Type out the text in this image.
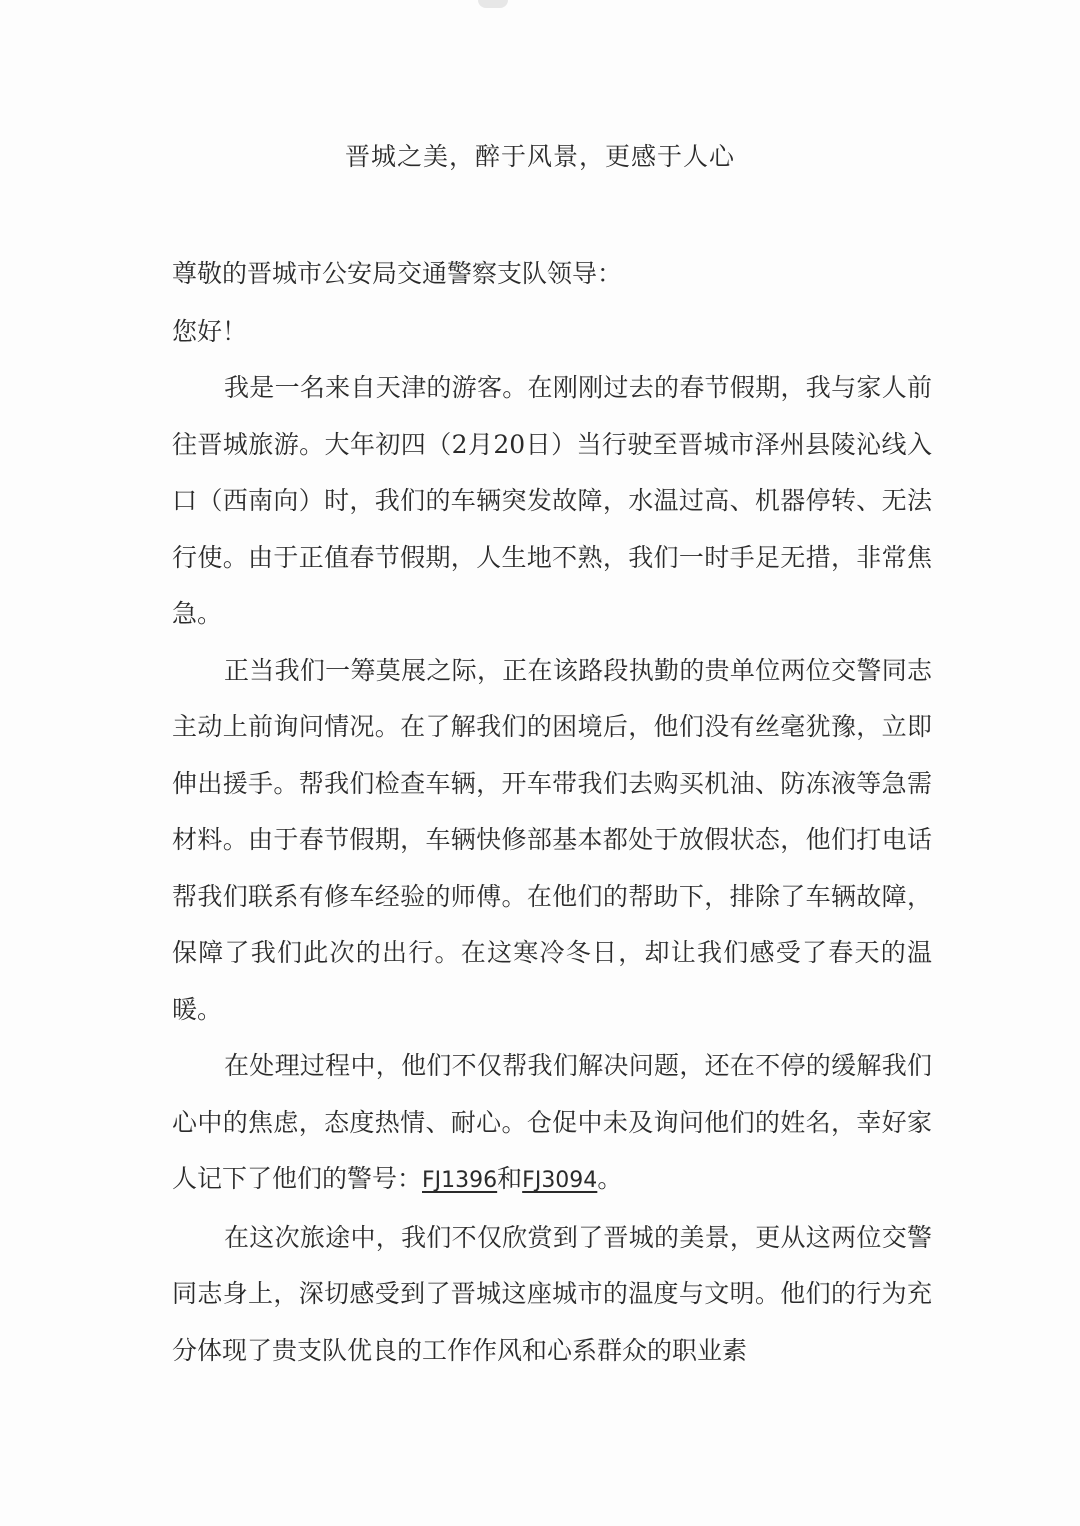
晋城之美，醉于风景，更感于人心

尊敬的晋城市公安局交通警察支队领导：

您好！

我是一名来自天津的游客。在刚刚过去的春节假期，我与家人前往晋城旅游。大年初四（2月20日）当行驶至晋城市泽州县陵沁线入口（西南向）时，我们的车辆突发故障，水温过高、机器停转、无法行使。由于正值春节假期，人生地不熟，我们一时手足无措，非常焦急。

正当我们一筹莫展之际，正在该路段执勤的贵单位两位交警同志主动上前询问情况。在了解我们的困境后，他们没有丝毫犹豫，立即伸出援手。帮我们检查车辆，开车带我们去购买机油、防冻液等急需材料。由于春节假期，车辆快修部基本都处于放假状态，他们打电话帮我们联系有修车经验的师傅。在他们的帮助下，排除了车辆故障，保障了我们此次的出行。在这寒冷冬日，却让我们感受了春天的温暖。

在处理过程中，他们不仅帮我们解决问题，还在不停的缓解我们心中的焦虑，态度热情、耐心。仓促中未及询问他们的姓名，幸好家人记下了他们的警号：FJ1396和FJ3094。

在这次旅途中，我们不仅欣赏到了晋城的美景，更从这两位交警同志身上，深切感受到了晋城这座城市的温度与文明。他们的行为充分体现了贵支队优良的工作作风和心系群众的职业素
